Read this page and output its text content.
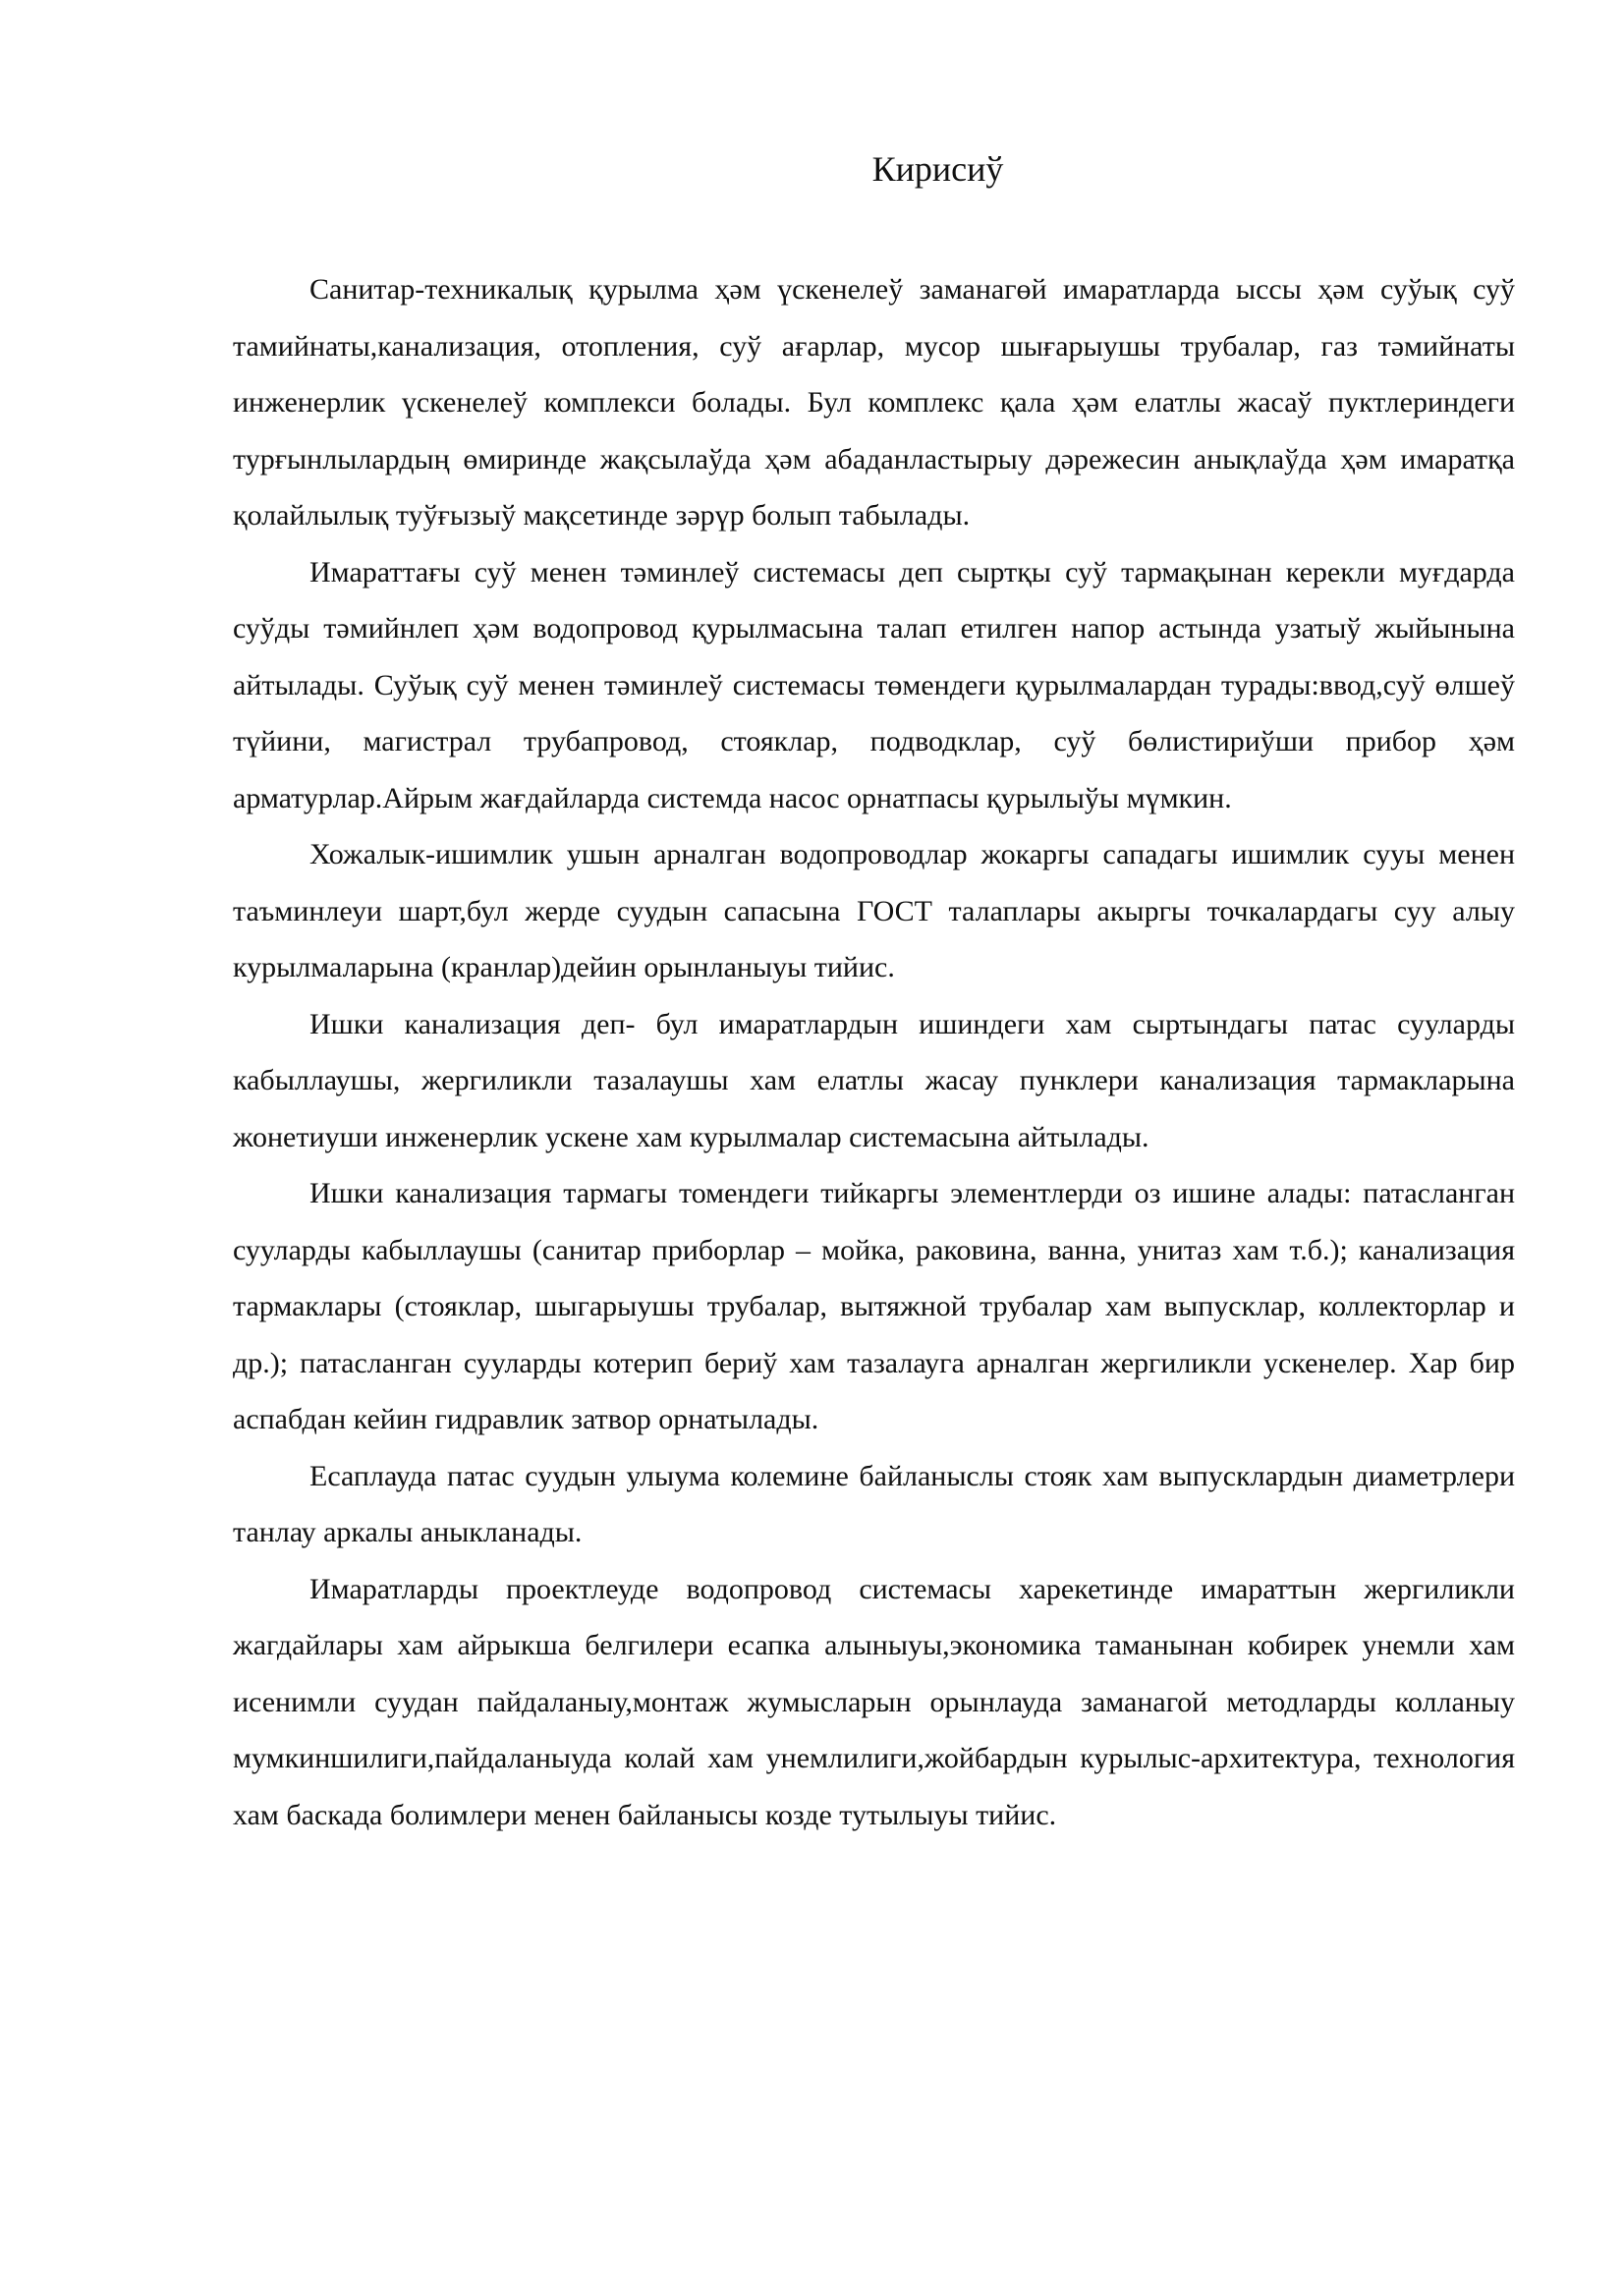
Кирисиў

Санитар-техникалық қурылма ҳәм үскенелеў заманагөй имаратларда ыссы ҳәм суўық суў тамийнаты,канализация, отопления, суў ағарлар, мусор шығарыушы трубалар, газ тәмийнаты инженерлик үскенелеў комплекси болады. Бул комплекс қала ҳәм елатлы жасаў пуктлериндеги турғынлылардың өмиринде жақсылаўда ҳәм абаданластырыу дәрежесин анықлаўда ҳәм имаратқа қолайлылық туўғызыў мақсетинде зәрүр болып табылады.

Имараттағы суў менен тәминлеў системасы деп сыртқы суў тармақынан керекли муғдарда суўды тәмийнлеп ҳәм водопровод қурылмасына талап етилген напор астында узатыў жыйынына айтылады. Суўық суў менен тәминлеў системасы төмендеги қурылмалардан турады:ввод,суў өлшеў түйини, магистрал трубапровод, стояклар, подводклар, суў бөлистириўши прибор ҳәм арматурлар.Айрым жағдайларда системда насос орнатпасы қурылыўы мүмкин.

Хожалык-ишимлик ушын арналган водопроводлар жокаргы сападагы ишимлик сууы менен таъминлеуи шарт,бул жерде суудын сапасына ГОСТ талаплары акыргы точкалардагы суу алыу курылмаларына (кранлар)дейин орынланыуы тийис.

Ишки канализация деп- бул имаратлардын ишиндеги хам сыртындагы патас сууларды кабыллаушы, жергиликли тазалаушы хам елатлы жасау пунклери канализация тармакларына жонетиуши инженерлик ускене хам курылмалар системасына айтылады.

Ишки канализация тармагы томендеги тийкаргы элементлерди оз ишине алады: патасланган сууларды кабыллаушы (санитар приборлар – мойка, раковина, ванна, унитаз хам т.б.); канализация тармаклары (стояклар, шыгарыушы трубалар, вытяжной трубалар хам выпусклар, коллекторлар и др.); патасланган сууларды котерип бериў хам тазалауга арналган жергиликли ускенелер. Хар бир аспабдан кейин гидравлик затвор орнатылады.

Есаплауда патас суудын улыума колемине байланыслы стояк хам выпусклардын диаметрлери танлау аркалы аныкланады.

Имаратларды проектлеуде водопровод системасы харекетинде имараттын жергиликли жагдайлары хам айрыкша белгилери есапка алыныуы,экономика таманынан кобирек унемли хам исенимли суудан пайдаланыу,монтаж жумысларын орынлауда заманагой методларды колланыу мумкиншилиги,пайдаланыуда колай хам унемлилиги,жойбардын курылыс-архитектура, технология хам баскада болимлери менен байланысы козде тутылыуы тийис.
